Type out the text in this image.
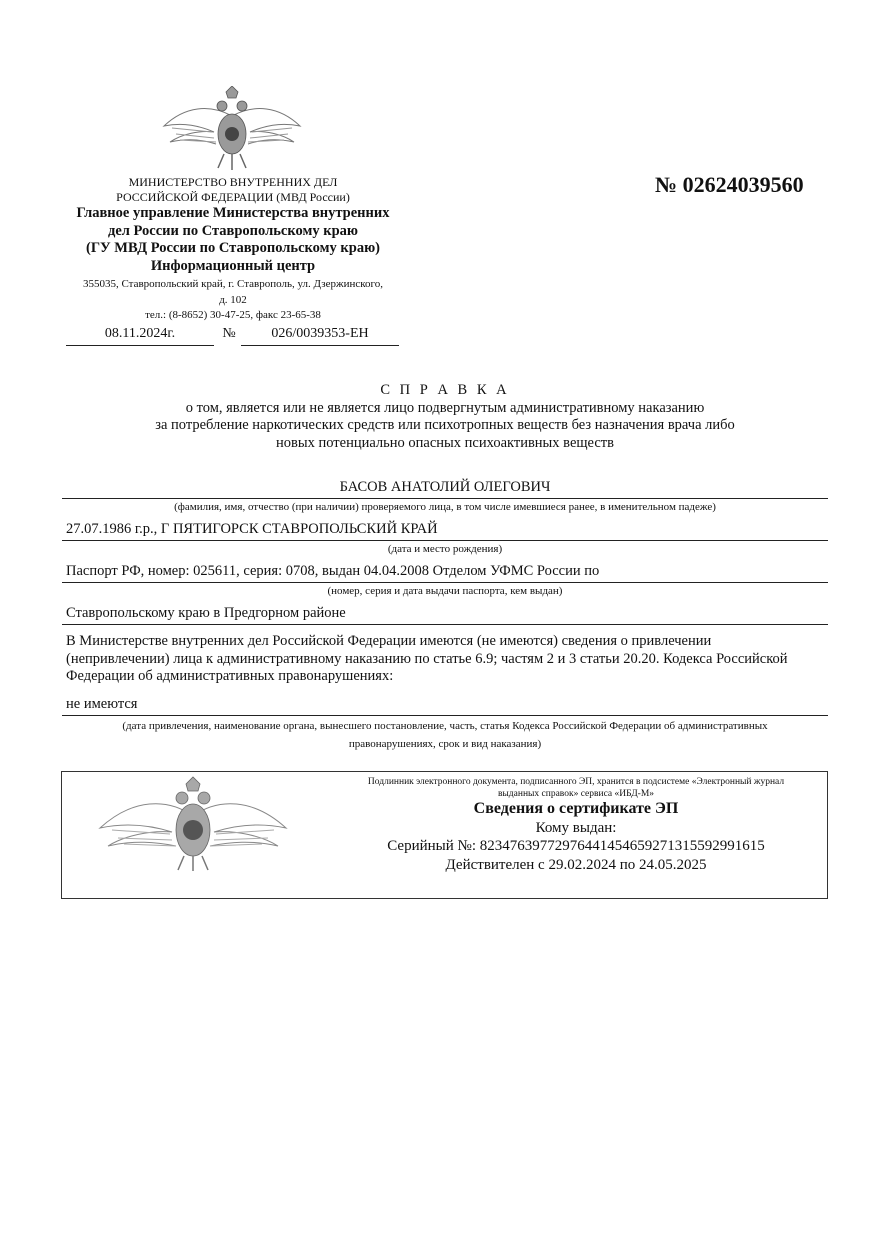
МИНИСТЕРСТВО ВНУТРЕННИХ ДЕЛ
РОССИЙСКОЙ ФЕДЕРАЦИИ (МВД России)
Главное управление Министерства внутренних
дел России по Ставропольскому краю
(ГУ МВД России по Ставропольскому краю)
Информационный центр
355035, Ставропольский край, г. Ставрополь, ул. Дзержинского,
д. 102
тел.: (8-8652) 30-47-25, факс 23-65-38
08.11.2024г.	№	026/0039353-ЕН
№ 02624039560
С П Р А В К А
о том, является или не является лицо подвергнутым административному наказанию
за потребление наркотических средств или психотропных веществ без назначения врача либо
новых потенциально опасных психоактивных веществ
БАСОВ АНАТОЛИЙ ОЛЕГОВИЧ
(фамилия, имя, отчество (при наличии) проверяемого лица, в том числе имевшиеся ранее, в именительном падеже)
27.07.1986 г.р., Г ПЯТИГОРСК СТАВРОПОЛЬСКИЙ КРАЙ
(дата и место рождения)
Паспорт РФ, номер: 025611, серия: 0708, выдан 04.04.2008 Отделом УФМС России по
(номер, серия и дата выдачи паспорта, кем выдан)
Ставропольскому краю в Предгорном районе
В Министерстве внутренних дел Российской Федерации имеются (не имеются) сведения о привлечении
(непривлечении) лица к административному наказанию по статье 6.9; частям 2 и 3 статьи 20.20. Кодекса Российской
Федерации об административных правонарушениях:
не имеются
(дата привлечения, наименование органа, вынесшего постановление, часть, статья Кодекса Российской Федерации об административных
правонарушениях, срок и вид наказания)
Подлинник электронного документа, подписанного ЭП, хранится в подсистеме «Электронный журнал
выданных справок» сервиса «ИБД-М»
Сведения о сертификате ЭП
Кому выдан:
Серийный №: 82347639772976441454659271315592991615
Действителен с 29.02.2024 по 24.05.2025
